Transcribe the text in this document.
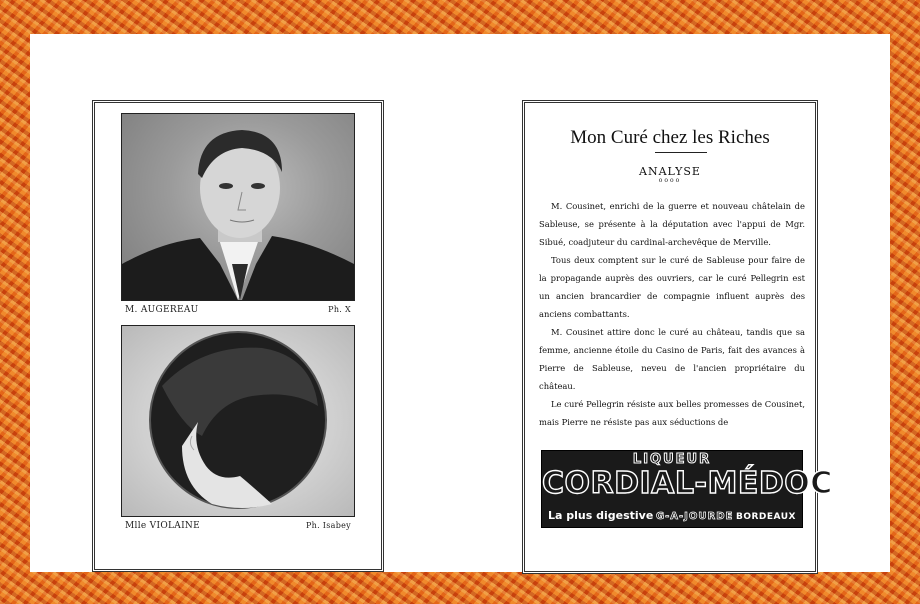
M. AUGEREAU	Ph. X
Mlle VIOLAINE	Ph. Isabey
Mon Curé chez les Riches
ANALYSE
oooo

M. Cousinet, enrichi de la guerre et nouveau châtelain de Sableuse, se présente à la députation avec l'appui de Mgr. Sibué, coadjuteur du cardinal-archevêque de Merville.

Tous deux comptent sur le curé de Sableuse pour faire de la propagande auprès des ouvriers, car le curé Pellegrin est un ancien brancardier de compagnie influent auprès des anciens combattants.

M. Cousinet attire donc le curé au château, tandis que sa femme, ancienne étoile du Casino de Paris, fait des avances à Pierre de Sableuse, neveu de l'ancien propriétaire du château.

Le curé Pellegrin résiste aux belles promesses de Cousinet, mais Pierre ne résiste pas aux séductions de

LIQUEUR
CORDIAL-MÉDOC
La plus digestive G-A-JOURDE BORDEAUX
